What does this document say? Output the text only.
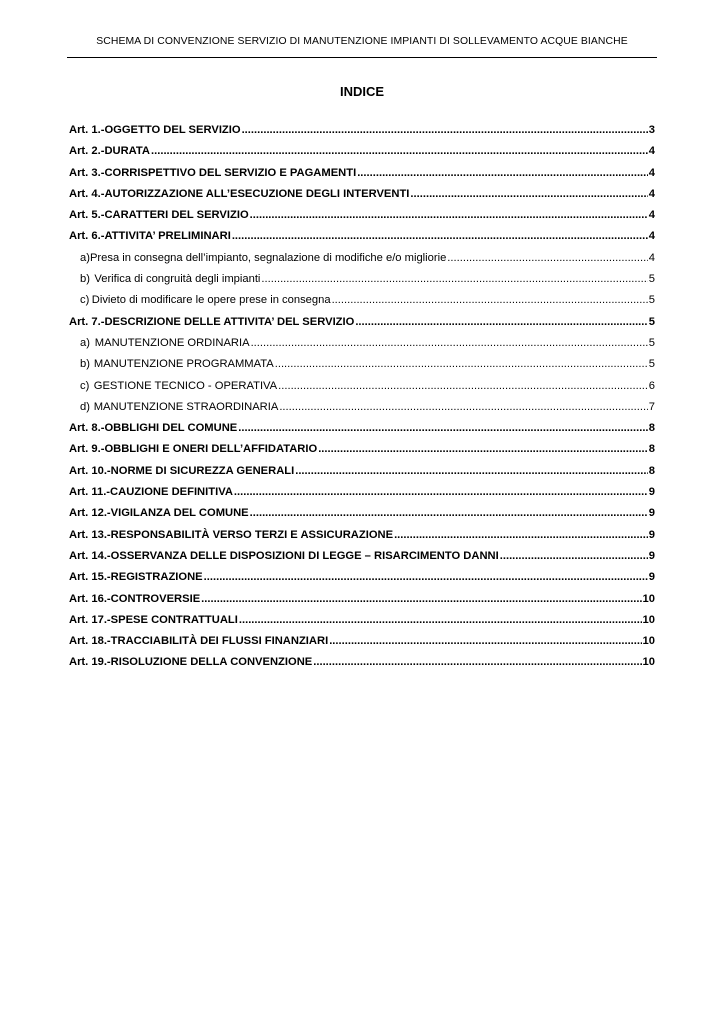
SCHEMA DI CONVENZIONE SERVIZIO DI MANUTENZIONE IMPIANTI DI SOLLEVAMENTO ACQUE BIANCHE
INDICE
Art. 1.- OGGETTO DEL SERVIZIO .....	3
Art. 2.- DURATA .....	4
Art. 3.- CORRISPETTIVO DEL SERVIZIO E PAGAMENTI .....	4
Art. 4.- AUTORIZZAZIONE ALL’ESECUZIONE DEGLI INTERVENTI .....	4
Art. 5.- CARATTERI DEL SERVIZIO .....	4
Art. 6.- ATTIVITA’ PRELIMINARI .....	4
a) Presa in consegna dell’impianto, segnalazione di modifiche e/o migliorie .....	4
b) Verifica di congruità degli impianti .....	5
c) Divieto di modificare le opere prese in consegna .....	5
Art. 7.- DESCRIZIONE DELLE ATTIVITA’ DEL SERVIZIO .....	5
a) MANUTENZIONE ORDINARIA .....	5
b) MANUTENZIONE PROGRAMMATA .....	5
c) GESTIONE TECNICO - OPERATIVA .....	6
d) MANUTENZIONE STRAORDINARIA .....	7
Art. 8.- OBBLIGHI DEL COMUNE .....	8
Art. 9.- OBBLIGHI E ONERI DELL’AFFIDATARIO .....	8
Art. 10.- NORME DI SICUREZZA GENERALI .....	8
Art. 11.- CAUZIONE DEFINITIVA .....	9
Art. 12.- VIGILANZA DEL COMUNE .....	9
Art. 13.- RESPONSABILITÀ VERSO TERZI E ASSICURAZIONE .....	9
Art. 14.- OSSERVANZA DELLE DISPOSIZIONI DI LEGGE – RISARCIMENTO DANNI .....	9
Art. 15.- REGISTRAZIONE .....	9
Art. 16.- CONTROVERSIE .....	10
Art. 17.- SPESE CONTRATTUALI .....	10
Art. 18.- TRACCIABILITÀ DEI FLUSSI FINANZIARI .....	10
Art. 19.- RISOLUZIONE DELLA CONVENZIONE .....	10
